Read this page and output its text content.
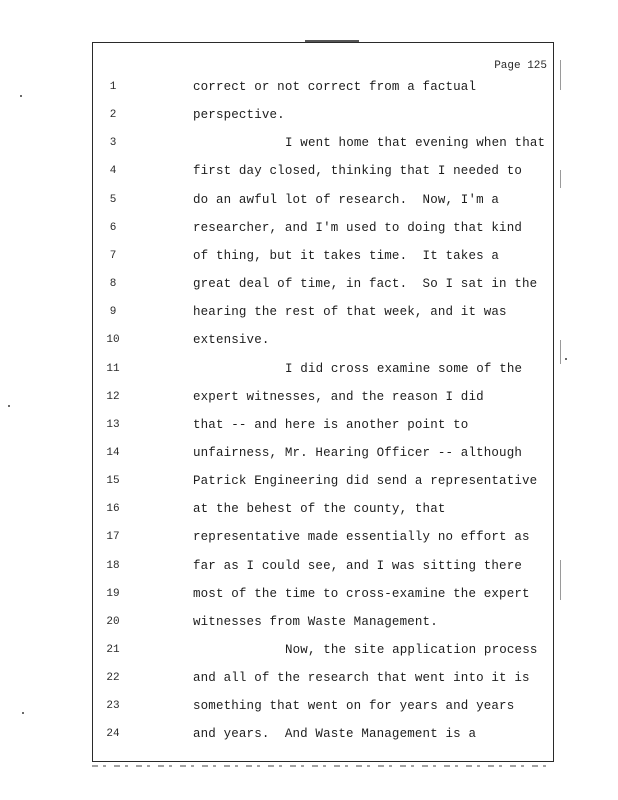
Page 125
1	correct or not correct from a factual
2	perspective.
3	I went home that evening when that
4	first day closed, thinking that I needed to
5	do an awful lot of research.  Now, I'm a
6	researcher, and I'm used to doing that kind
7	of thing, but it takes time.  It takes a
8	great deal of time, in fact.  So I sat in the
9	hearing the rest of that week, and it was
10	extensive.
11	I did cross examine some of the
12	expert witnesses, and the reason I did
13	that -- and here is another point to
14	unfairness, Mr. Hearing Officer -- although
15	Patrick Engineering did send a representative
16	at the behest of the county, that
17	representative made essentially no effort as
18	far as I could see, and I was sitting there
19	most of the time to cross-examine the expert
20	witnesses from Waste Management.
21	Now, the site application process
22	and all of the research that went into it is
23	something that went on for years and years
24	and years.  And Waste Management is a
